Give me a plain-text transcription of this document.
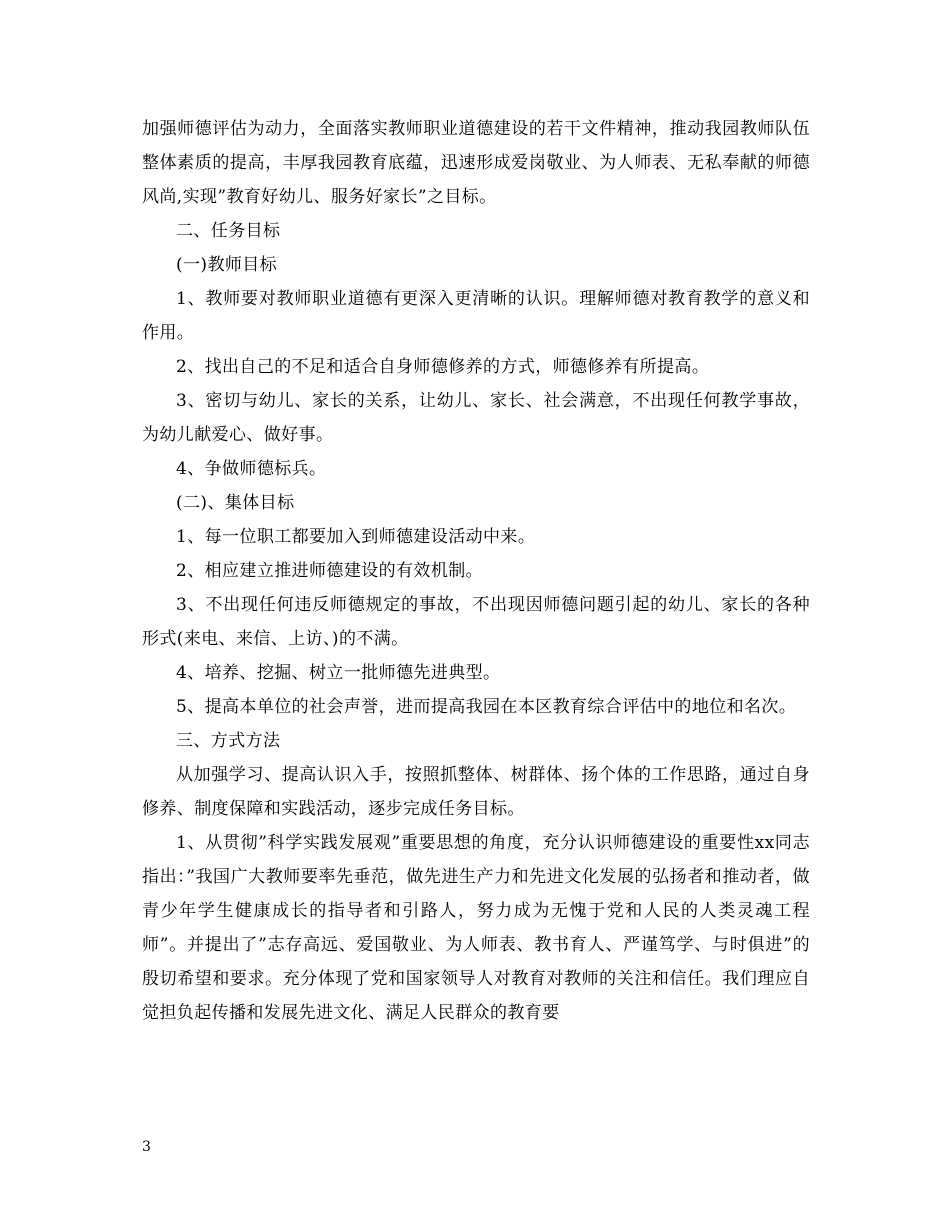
加强师德评估为动力，全面落实教师职业道德建设的若干文件精神，推动我园教师队伍整体素质的提高，丰厚我园教育底蕴，迅速形成爱岗敬业、为人师表、无私奉献的师德风尚,实现”教育好幼儿、服务好家长”之目标。

二、任务目标

(一)教师目标

1、教师要对教师职业道德有更深入更清晰的认识。理解师德对教育教学的意义和作用。

2、找出自己的不足和适合自身师德修养的方式，师德修养有所提高。

3、密切与幼儿、家长的关系，让幼儿、家长、社会满意，不出现任何教学事故，为幼儿献爱心、做好事。

4、争做师德标兵。

(二)、集体目标

1、每一位职工都要加入到师德建设活动中来。

2、相应建立推进师德建设的有效机制。

3、不出现任何违反师德规定的事故，不出现因师德问题引起的幼儿、家长的各种形式(来电、来信、上访、)的不满。

4、培养、挖掘、树立一批师德先进典型。

5、提高本单位的社会声誉，进而提高我园在本区教育综合评估中的地位和名次。

三、方式方法

从加强学习、提高认识入手，按照抓整体、树群体、扬个体的工作思路，通过自身修养、制度保障和实践活动，逐步完成任务目标。

1、从贯彻”科学实践发展观”重要思想的角度，充分认识师德建设的重要性xx同志指出：”我国广大教师要率先垂范，做先进生产力和先进文化发展的弘扬者和推动者，做青少年学生健康成长的指导者和引路人，努力成为无愧于党和人民的人类灵魂工程师”。并提出了”志存高远、爱国敬业、为人师表、教书育人、严谨笃学、与时俱进”的殷切希望和要求。充分体现了党和国家领导人对教育对教师的关注和信任。我们理应自觉担负起传播和发展先进文化、满足人民群众的教育要

3
